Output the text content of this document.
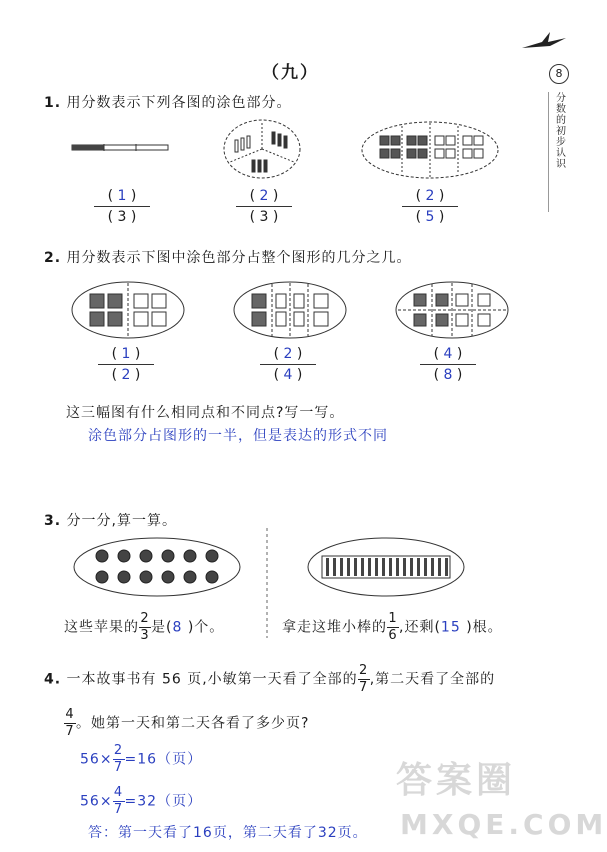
（九）	8
分数的初步认识
1. 用分数表示下列各图的涂色部分。
( 1 )
( 3 )
( 2 )
( 3 )
( 2 )
( 5 )
2. 用分数表示下图中涂色部分占整个图形的几分之几。
( 1 )
( 2 )
( 2 )
( 4 )
( 4 )
( 8 )
这三幅图有什么相同点和不同点?写一写。
涂色部分占图形的一半，但是表达的形式不同
3. 分一分,算一算。
这些苹果的 $\frac{2}{3}$ 是(8 )个。	拿走这堆小棒的 $\frac{1}{6}$ ,还剩(15 )根。
4. 一本故事书有 56 页,小敏第一天看了全部的 $\frac{2}{7}$ ,第二天看了全部的
$\frac{4}{7}$ 。她第一天和第二天各看了多少页?
$56\times \frac{2}{7} =16$（页）
$56\times \frac{4}{7} =32$（页）
答：第一天看了16页，第二天看了32页。
答案圈
MXQE.COM
